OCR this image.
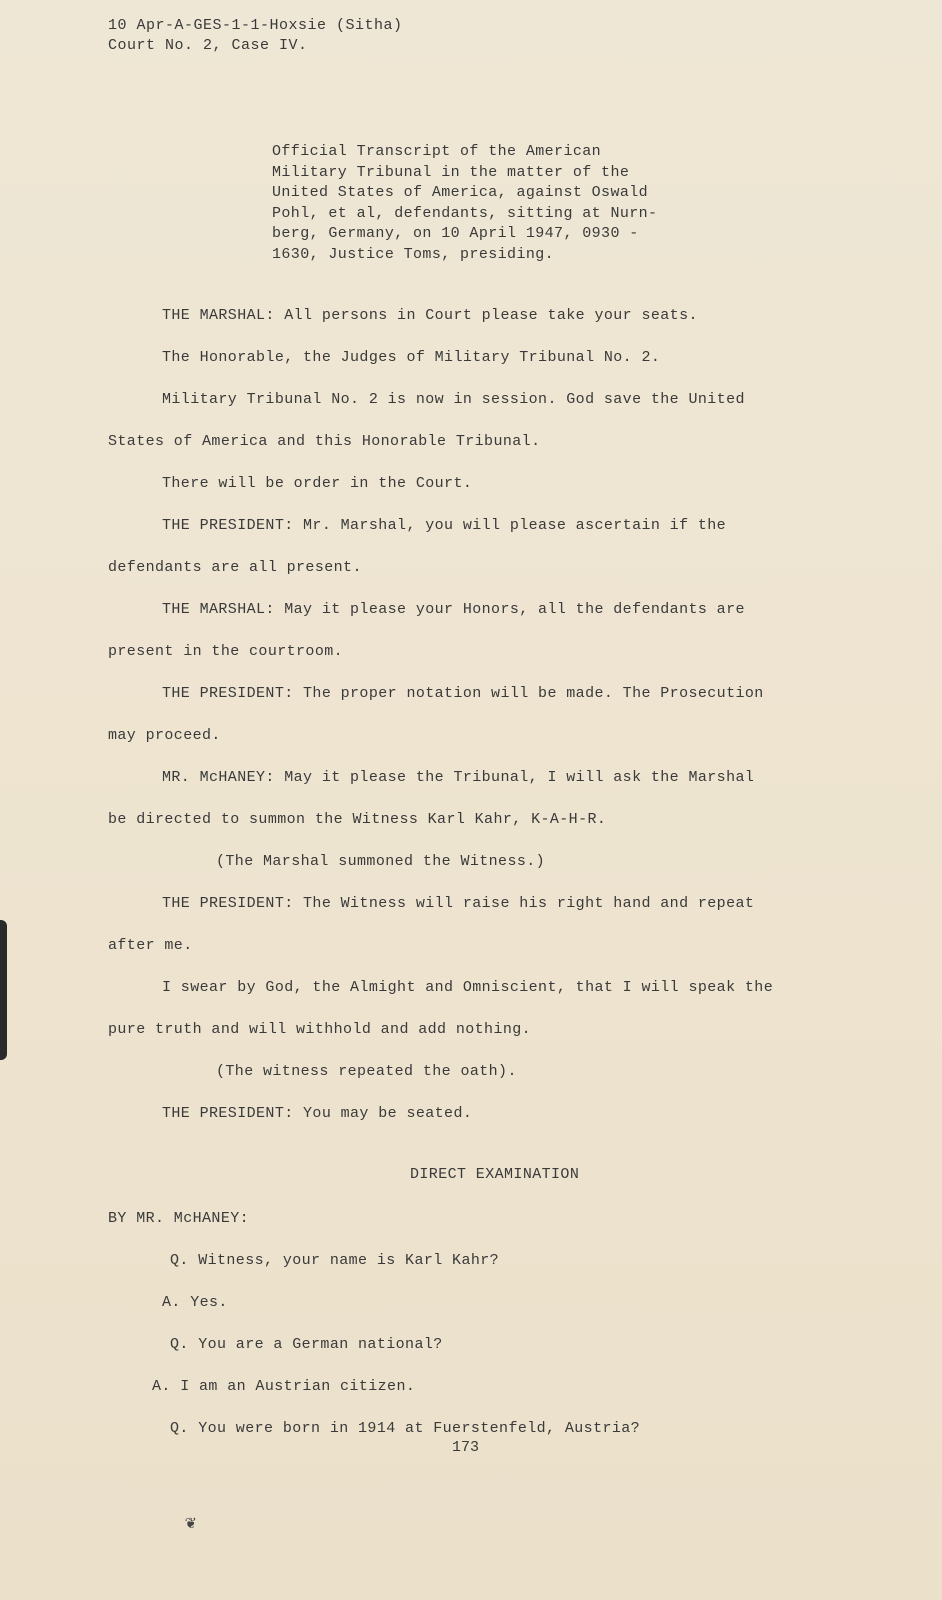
10 Apr-A-GES-1-1-Hoxsie (Sitha)
Court No. 2, Case IV.
Official Transcript of the American
Military Tribunal in the matter of the
United States of America, against Oswald
Pohl, et al, defendants, sitting at Nurn-
berg, Germany, on 10 April 1947, 0930 -
1630, Justice Toms, presiding.
THE MARSHAL: All persons in Court please take your seats.
The Honorable, the Judges of Military Tribunal No. 2.
Military Tribunal No. 2 is now in session. God save the United
States of America and this Honorable Tribunal.
There will be order in the Court.
THE PRESIDENT: Mr. Marshal, you will please ascertain if the
defendants are all present.
THE MARSHAL: May it please your Honors, all the defendants are
present in the courtroom.
THE PRESIDENT: The proper notation will be made. The Prosecution
may proceed.
MR. McHANEY: May it please the Tribunal, I will ask the Marshal
be directed to summon the Witness Karl Kahr, K-A-H-R.
(The Marshal summoned the Witness.)
THE PRESIDENT: The Witness will raise his right hand and repeat
after me.
I swear by God, the Almight and Omniscient, that I will speak the
pure truth and will withhold and add nothing.
(The witness repeated the oath).
THE PRESIDENT: You may be seated.
DIRECT EXAMINATION
BY MR. McHANEY:
Q. Witness, your name is Karl Kahr?
A. Yes.
Q. You are a German national?
A. I am an Austrian citizen.
Q. You were born in 1914 at Fuerstenfeld, Austria?
173
❦
